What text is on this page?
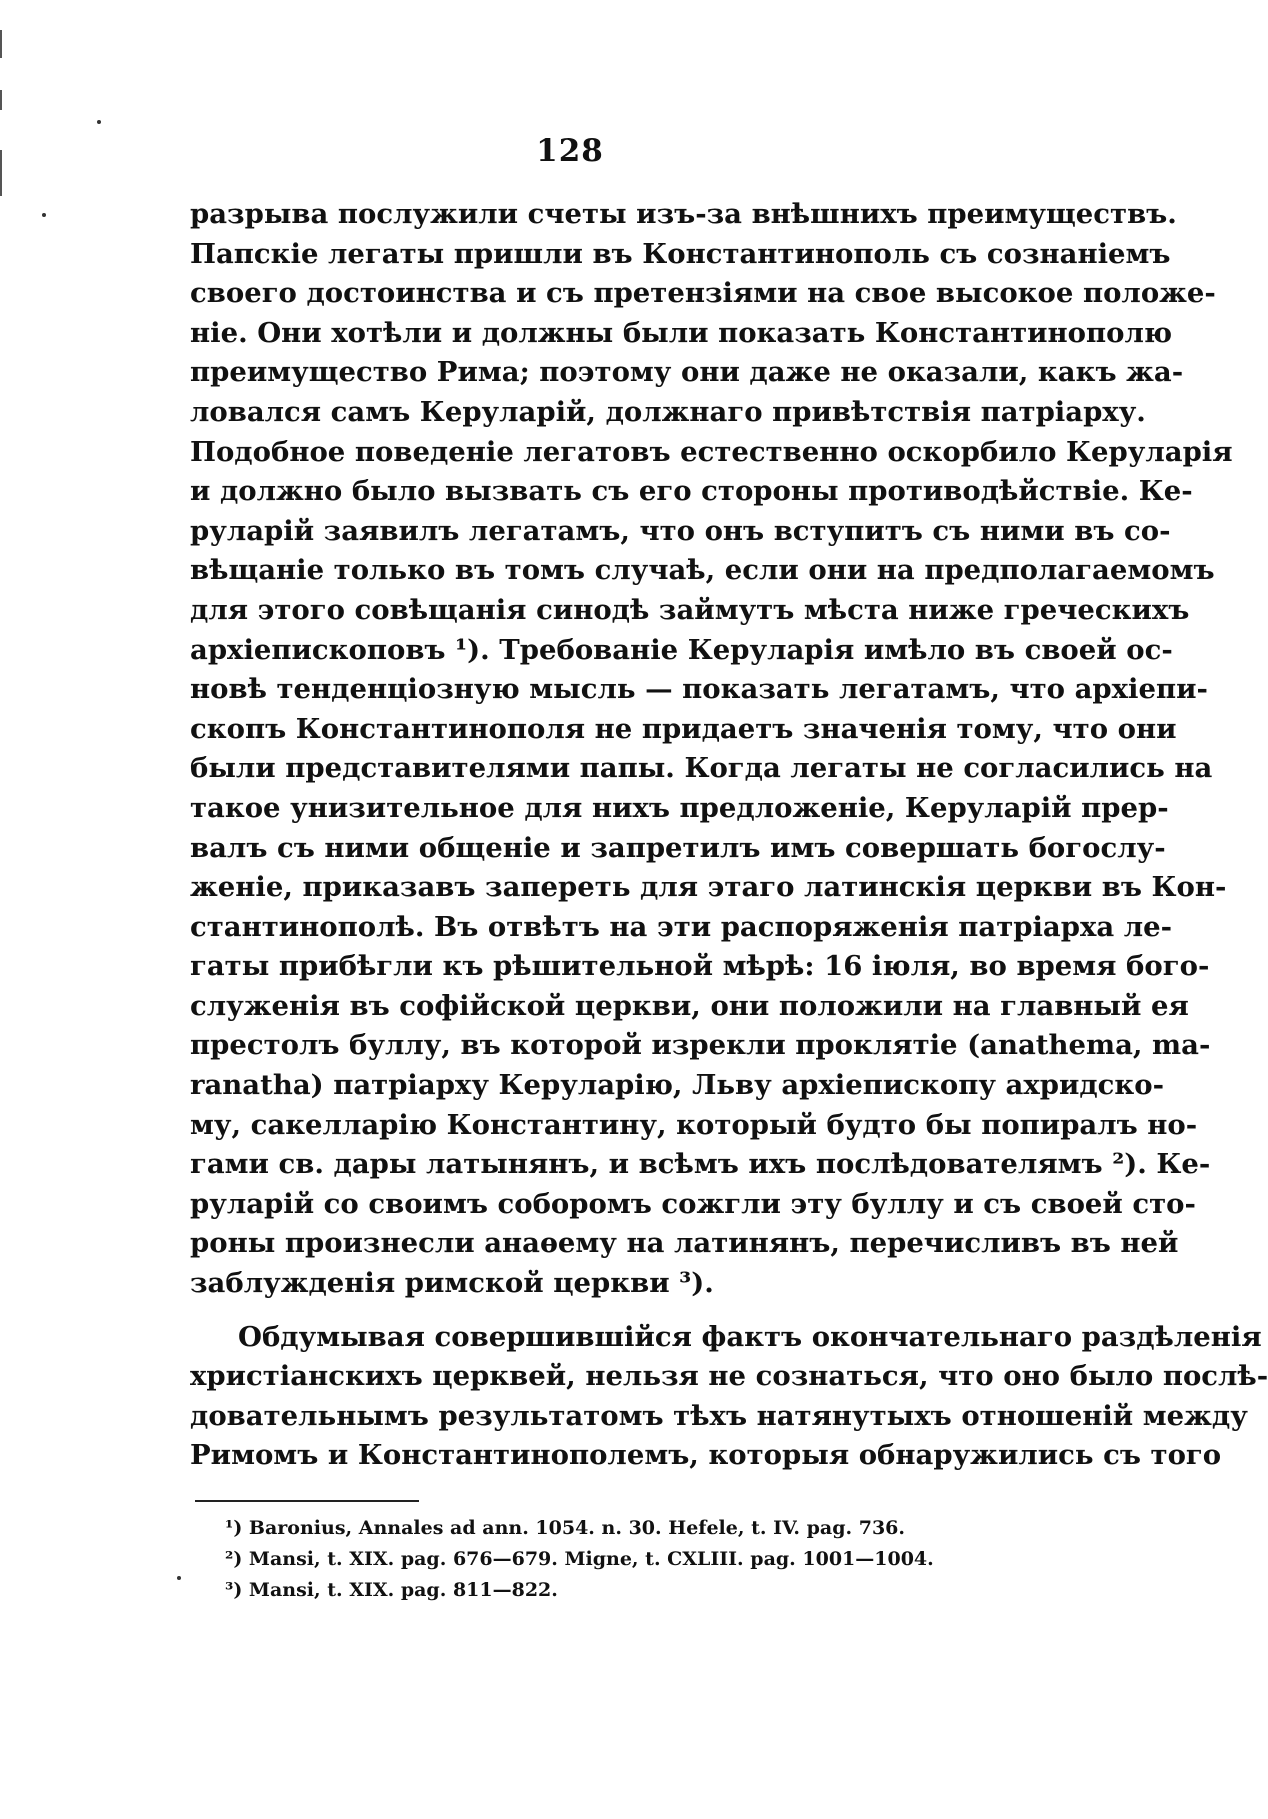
128
разрыва послужили счеты изъ-за внѣшнихъ преимуществъ.
Папскіе легаты пришли въ Константинополь съ сознаніемъ
своего достоинства и съ претензіями на свое высокое положе-
ніе. Они хотѣли и должны были показать Константинополю
преимущество Рима; поэтому они даже не оказали, какъ жа-
ловался самъ Керуларій, должнаго привѣтствія патріарху.
Подобное поведеніе легатовъ естественно оскорбило Керуларія
и должно было вызвать съ его стороны противодѣйствіе. Ке-
руларій заявилъ легатамъ, что онъ вступитъ съ ними въ со-
вѣщаніе только въ томъ случаѣ, если они на предполагаемомъ
для этого совѣщанія синодѣ займутъ мѣста ниже греческихъ
архіепископовъ ¹). Требованіе Керуларія имѣло въ своей ос-
новѣ тенденціозную мысль — показать легатамъ, что архіепи-
скопъ Константинополя не придаетъ значенія тому, что они
были представителями папы. Когда легаты не согласились на
такое унизительное для нихъ предложеніе, Керуларій прер-
валъ съ ними общеніе и запретилъ имъ совершать богослу-
женіе, приказавъ запереть для этаго латинскія церкви въ Кон-
стантинополѣ. Въ отвѣтъ на эти распоряженія патріарха ле-
гаты прибѣгли къ рѣшительной мѣрѣ: 16 іюля, во время бого-
служенія въ софійской церкви, они положили на главный ея
престолъ буллу, въ которой изрекли проклятіе (anathema, ma-
ranatha) патріарху Керуларію, Льву архіепископу ахридско-
му, сакелларію Константину, который будто бы попиралъ но-
гами св. дары латынянъ, и всѣмъ ихъ послѣдователямъ ²). Ке-
руларій со своимъ соборомъ сожгли эту буллу и съ своей сто-
роны произнесли анаѳему на латинянъ, перечисливъ въ ней
заблужденія римской церкви ³).
Обдумывая совершившійся фактъ окончательнаго раздѣленія
христіанскихъ церквей, нельзя не сознаться, что оно было послѣ-
довательнымъ результатомъ тѣхъ натянутыхъ отношеній между
Римомъ и Константинополемъ, которыя обнаружились съ того
¹) Baronius, Annales ad ann. 1054. n. 30. Hefele, t. IV. pag. 736.
²) Mansi, t. XIX. pag. 676—679. Migne, t. CXLIII. pag. 1001—1004.
³) Mansi, t. XIX. pag. 811—822.
